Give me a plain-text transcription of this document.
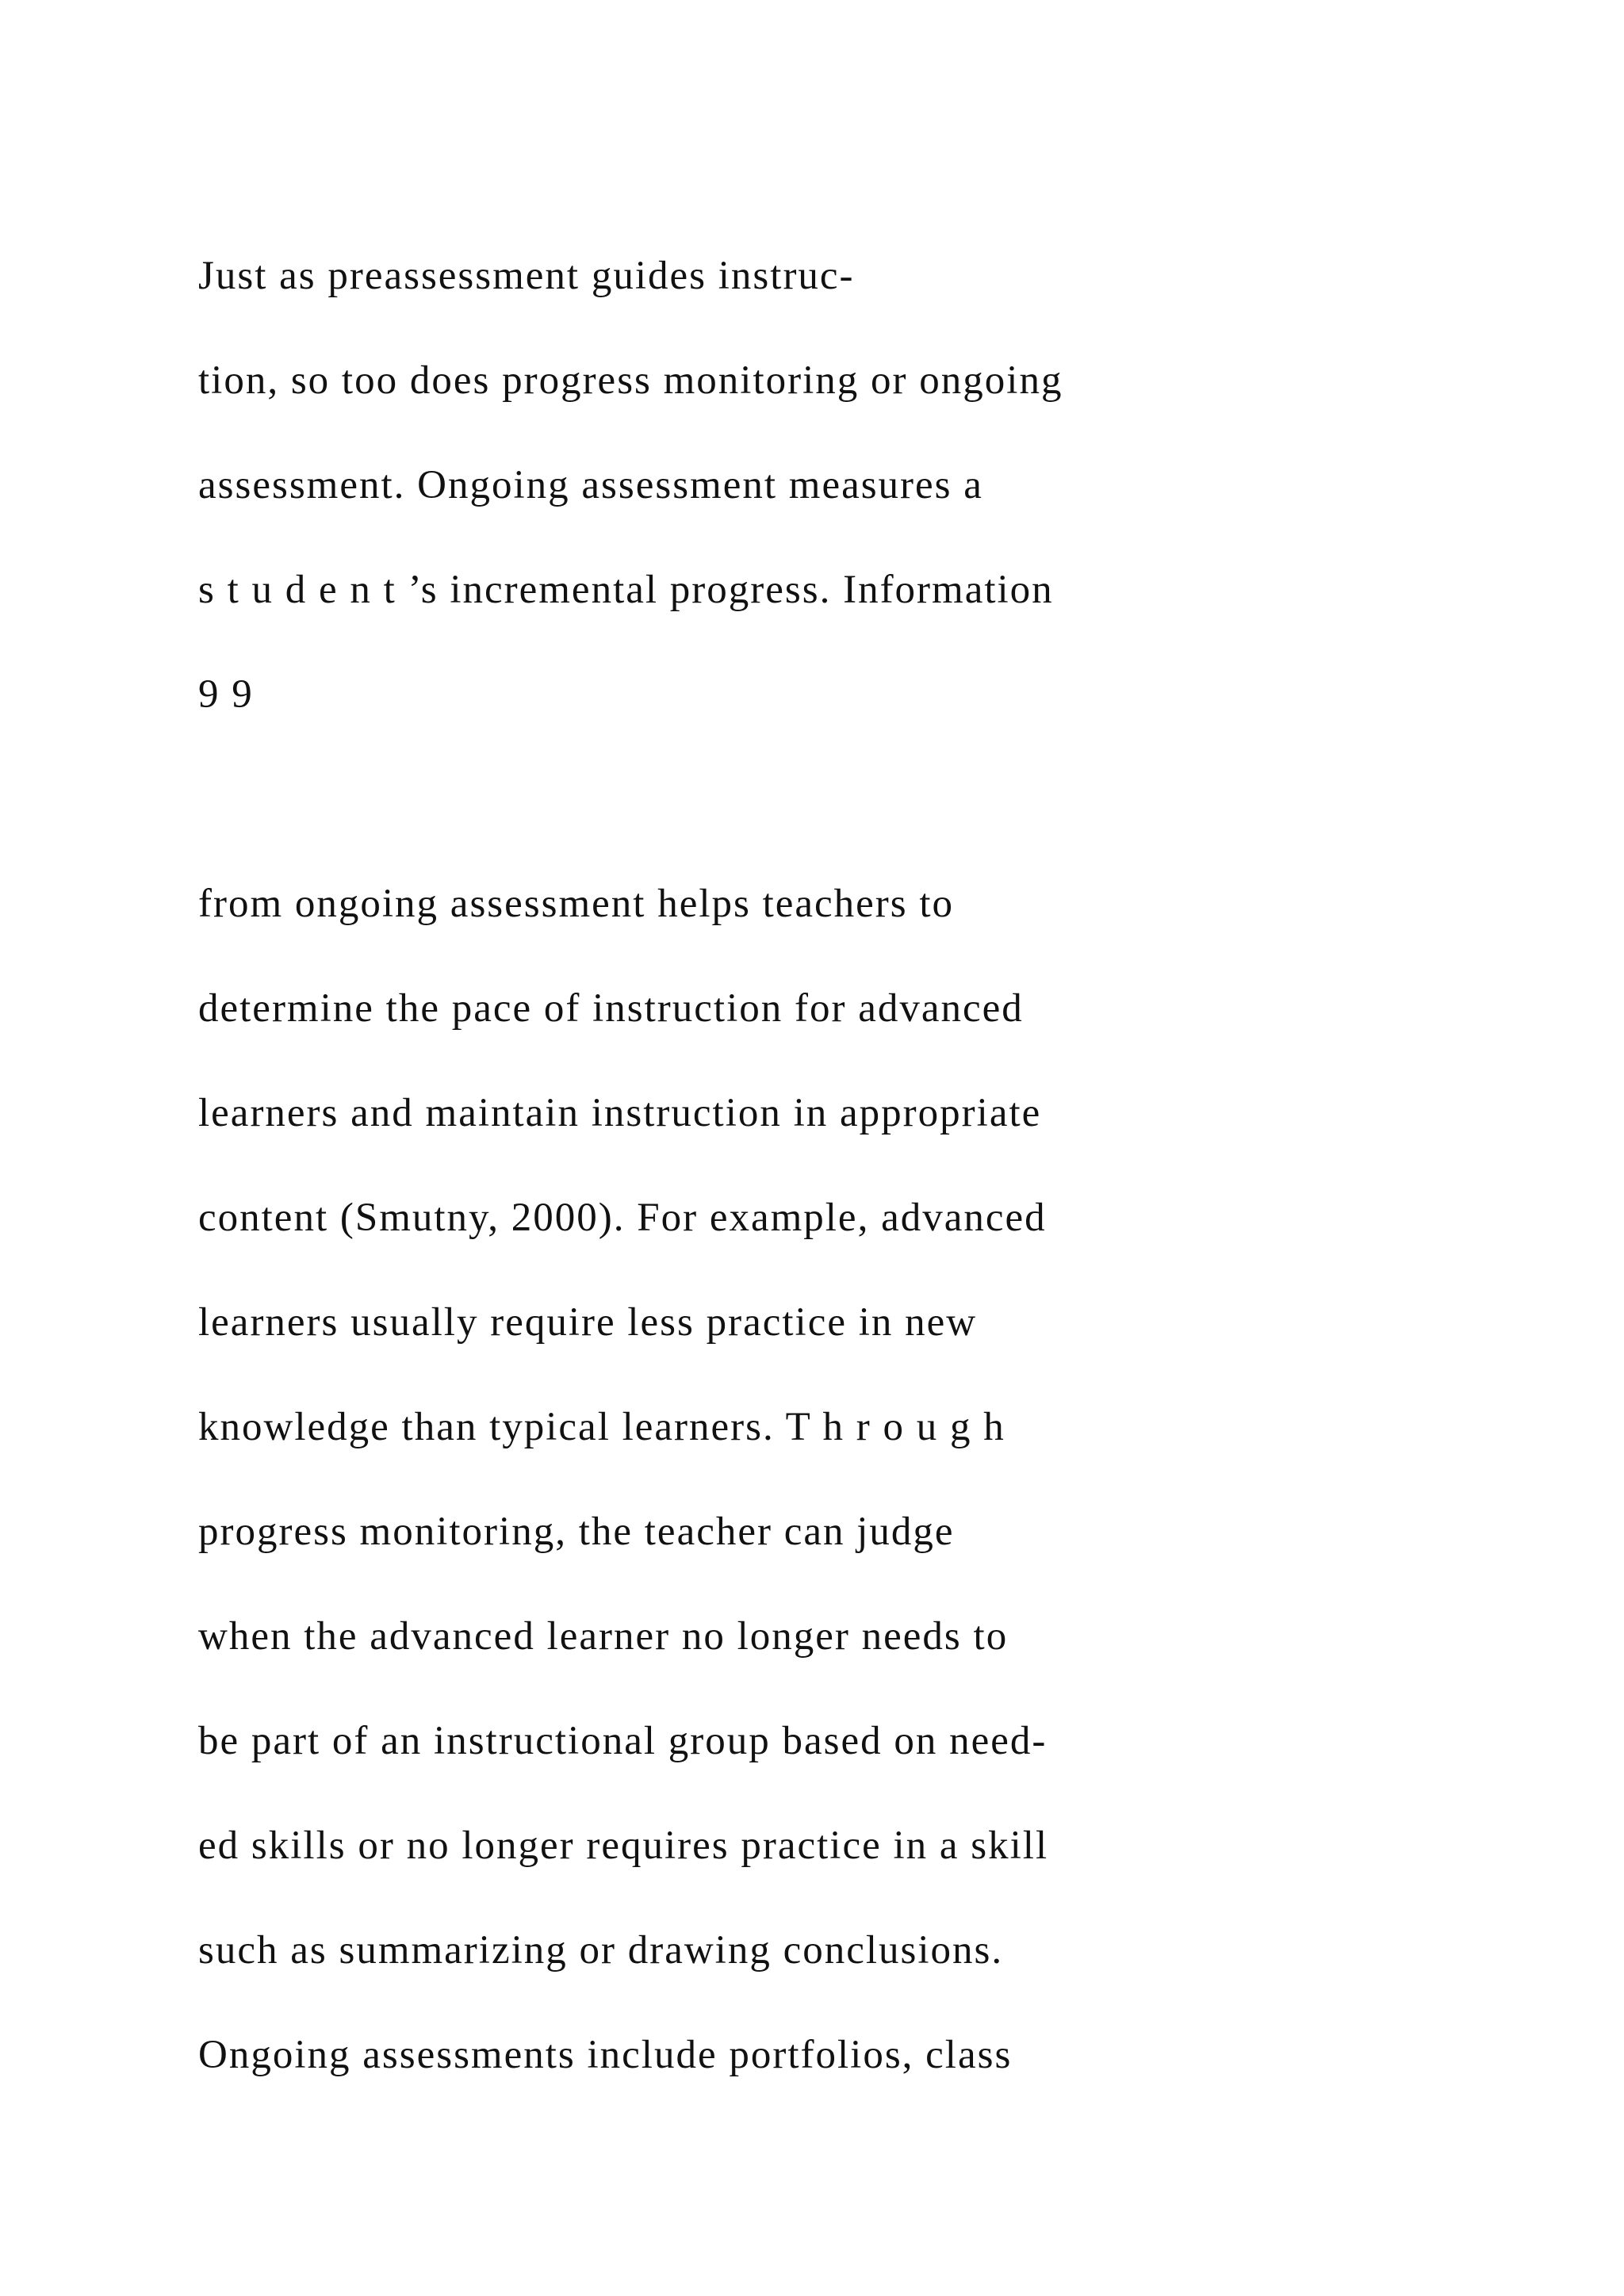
Just as preassessment guides instruc-

tion, so too does progress monitoring or ongoing

assessment. Ongoing assessment measures a

s t u d e n t ’s incremental progress. Information

9 9

from ongoing assessment helps teachers to

determine the pace of instruction for advanced

learners and maintain instruction in appropriate

content (Smutny, 2000). For example, advanced

learners usually require less practice in new

knowledge than typical learners. T h r o u g h

progress monitoring, the teacher can judge

when the advanced learner no longer needs to

be part of an instructional group based on need-

ed skills or no longer requires practice in a skill

such as summarizing or drawing conclusions.

Ongoing assessments include portfolios, class
